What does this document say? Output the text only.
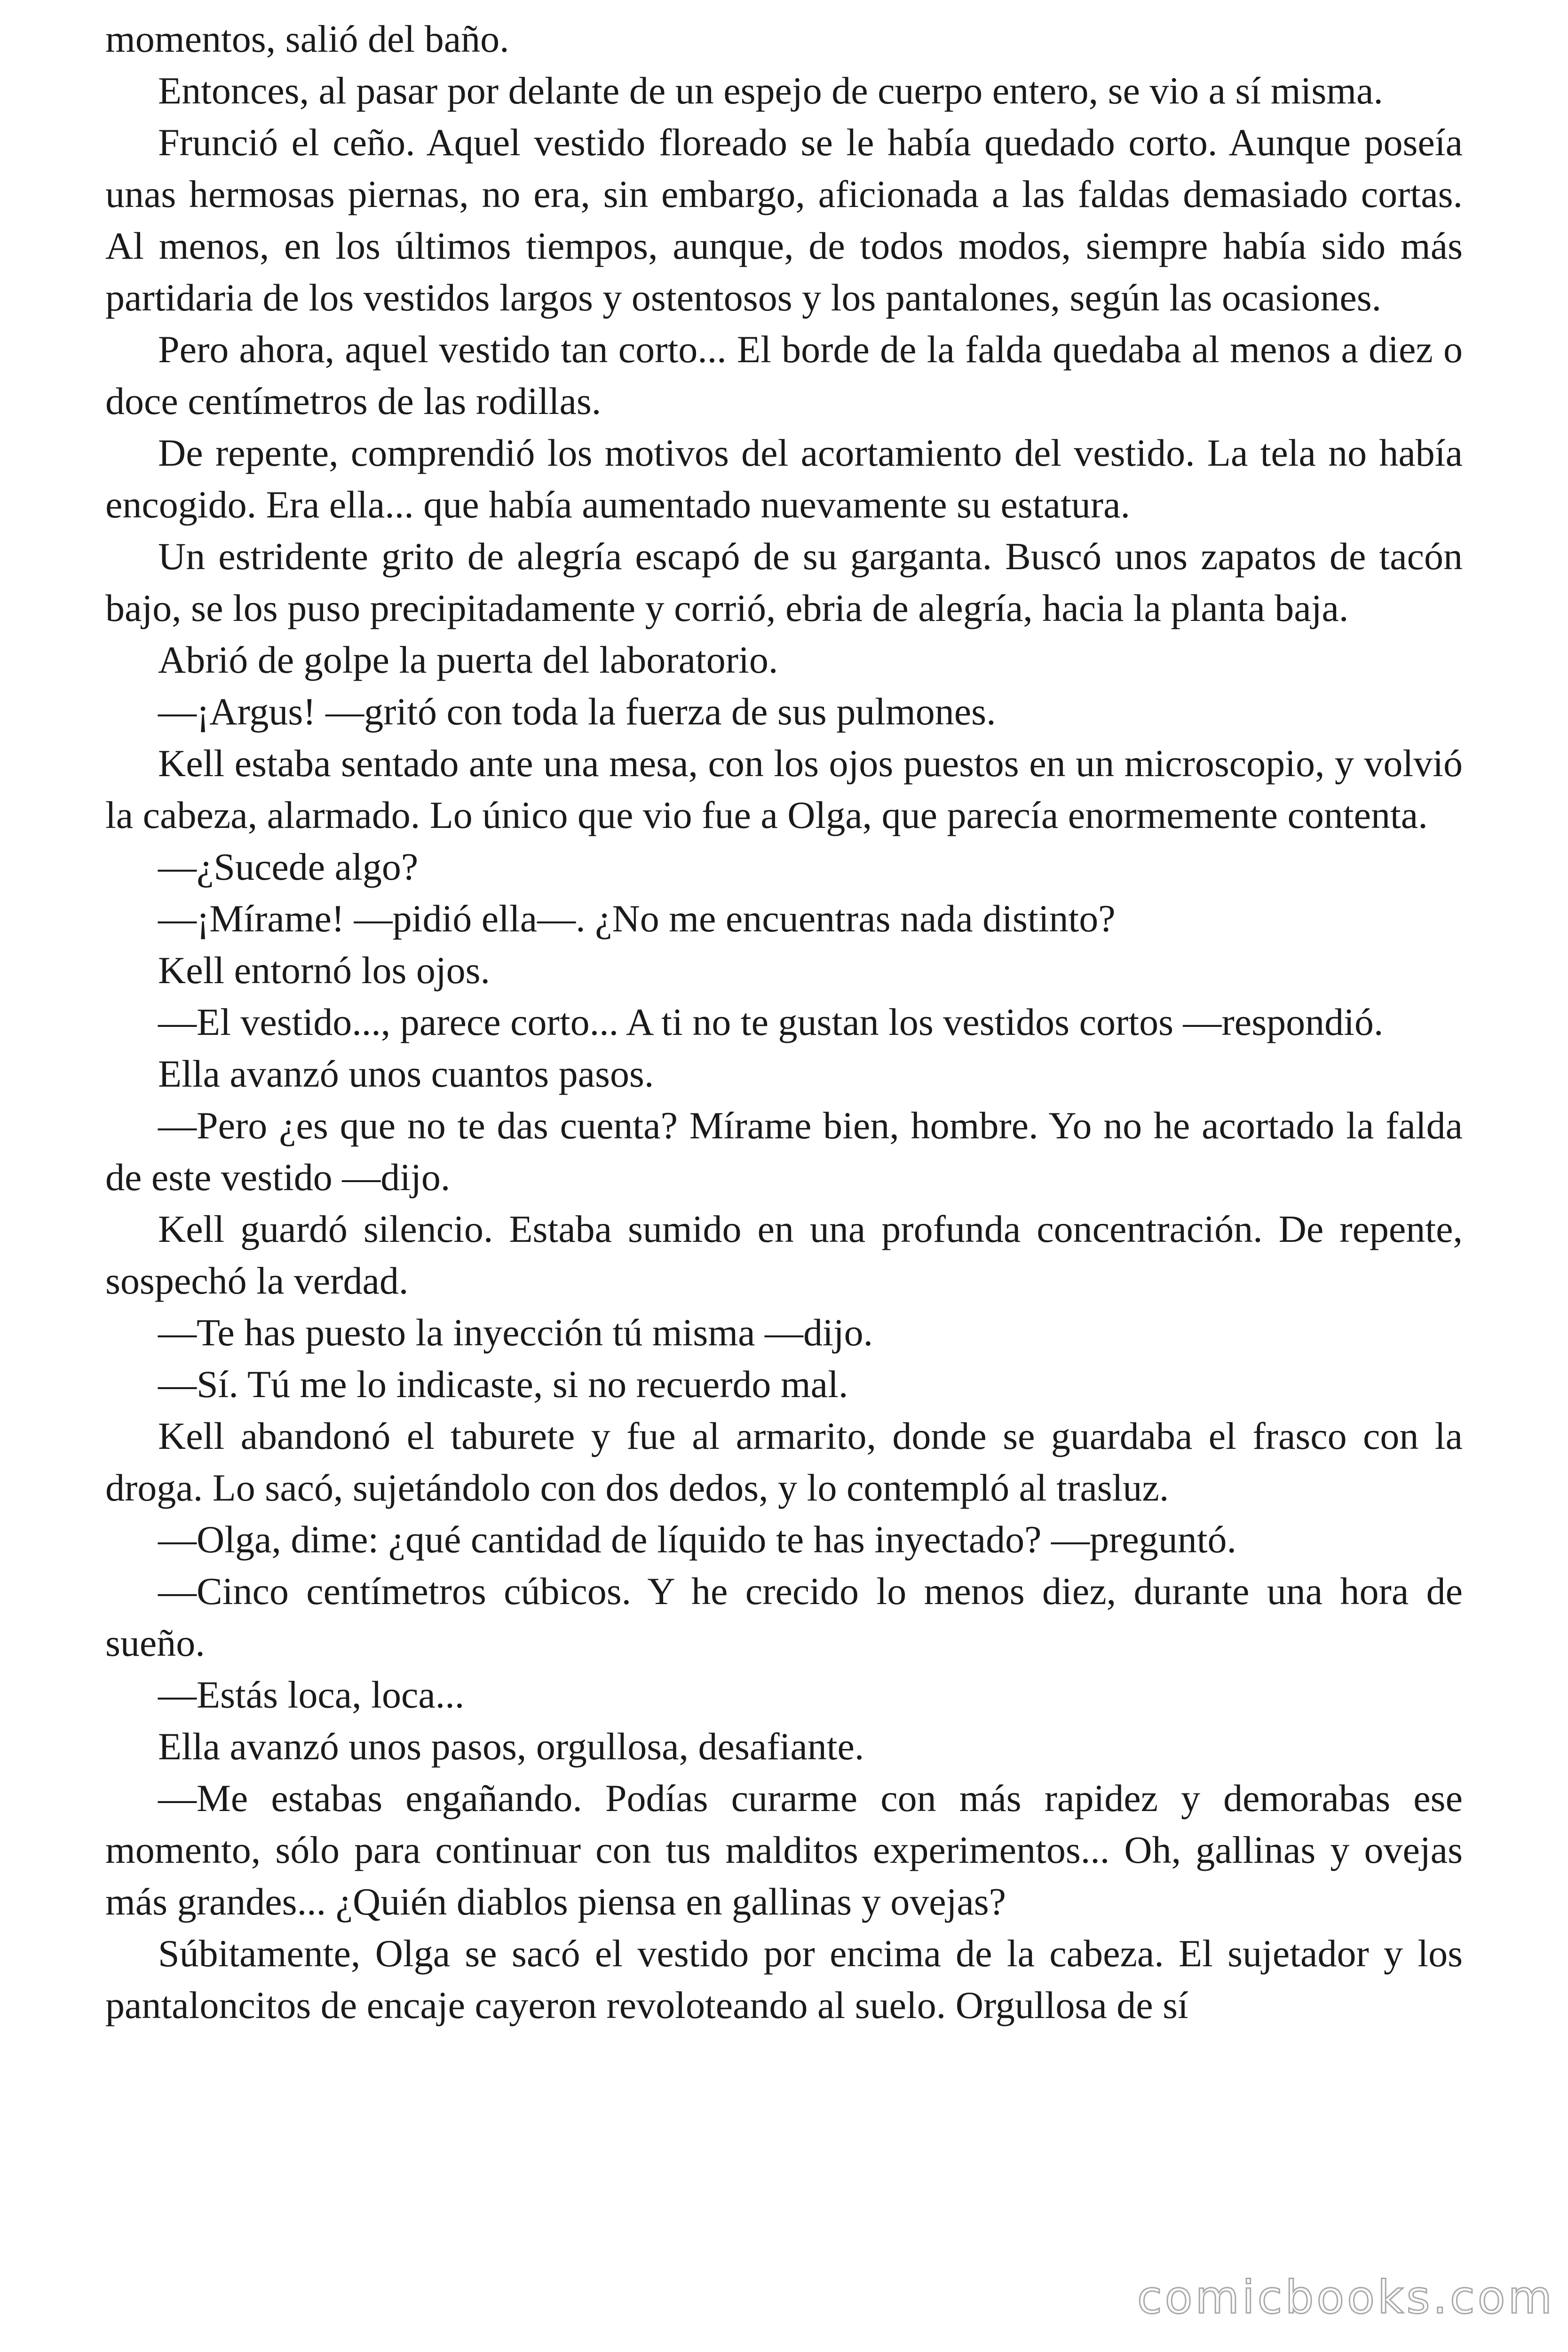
momentos, salió del baño.

Entonces, al pasar por delante de un espejo de cuerpo entero, se vio a sí misma.

Frunció el ceño. Aquel vestido floreado se le había quedado corto. Aunque poseía unas hermosas piernas, no era, sin embargo, aficionada a las faldas demasiado cortas. Al menos, en los últimos tiempos, aunque, de todos modos, siempre había sido más partidaria de los vestidos largos y ostentosos y los pantalones, según las ocasiones.

Pero ahora, aquel vestido tan corto... El borde de la falda quedaba al menos a diez o doce centímetros de las rodillas.

De repente, comprendió los motivos del acortamiento del vestido. La tela no había encogido. Era ella... que había aumentado nuevamente su estatura.

Un estridente grito de alegría escapó de su garganta. Buscó unos zapatos de tacón bajo, se los puso precipitadamente y corrió, ebria de alegría, hacia la planta baja.

Abrió de golpe la puerta del laboratorio.

—¡Argus! —gritó con toda la fuerza de sus pulmones.

Kell estaba sentado ante una mesa, con los ojos puestos en un microscopio, y volvió la cabeza, alarmado. Lo único que vio fue a Olga, que parecía enormemente contenta.

—¿Sucede algo?

—¡Mírame! —pidió ella—. ¿No me encuentras nada distinto?

Kell entornó los ojos.

—El vestido..., parece corto... A ti no te gustan los vestidos cortos —respondió.

Ella avanzó unos cuantos pasos.

—Pero ¿es que no te das cuenta? Mírame bien, hombre. Yo no he acortado la falda de este vestido —dijo.

Kell guardó silencio. Estaba sumido en una profunda concentración. De repente, sospechó la verdad.

—Te has puesto la inyección tú misma —dijo.

—Sí. Tú me lo indicaste, si no recuerdo mal.

Kell abandonó el taburete y fue al armarito, donde se guardaba el frasco con la droga. Lo sacó, sujetándolo con dos dedos, y lo contempló al trasluz.

—Olga, dime: ¿qué cantidad de líquido te has inyectado? —preguntó.

—Cinco centímetros cúbicos. Y he crecido lo menos diez, durante una hora de sueño.

—Estás loca, loca...

Ella avanzó unos pasos, orgullosa, desafiante.

—Me estabas engañando. Podías curarme con más rapidez y demorabas ese momento, sólo para continuar con tus malditos experimentos... Oh, gallinas y ovejas más grandes... ¿Quién diablos piensa en gallinas y ovejas?

Súbitamente, Olga se sacó el vestido por encima de la cabeza. El sujetador y los pantaloncitos de encaje cayeron revoloteando al suelo. Orgullosa de sí

comicbooks.com
